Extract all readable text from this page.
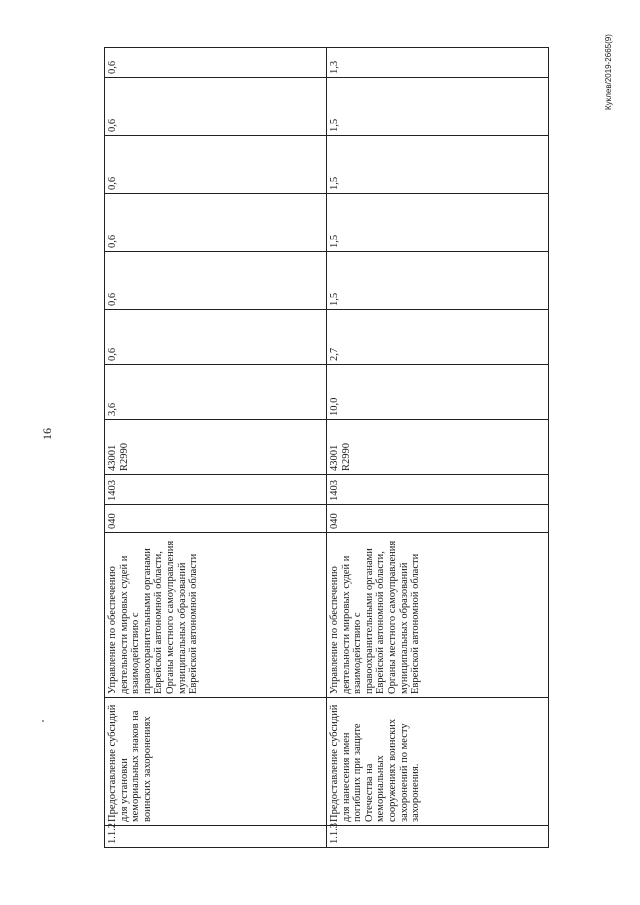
16
Куклев/2019-2665(9)
1.1.2	Предоставление субсидий для установки мемориальных знаков на воинских захоронениях	Управление по обеспечению деятельности мировых судей и взаимодействию с правоохранительными органами Еврейской автономной области, Органы местного самоуправления муниципальных образований Еврейской автономной области	040	1403	43001 R2990		3,6	0,6	0,6	0,6	0,6	0,6	0,6
1.1.3	Предоставление субсидий для нанесения имен погибших при защите Отечества на мемориальных сооружениях воинских захоронений по месту захоронения.	Управление по обеспечению деятельности мировых судей и взаимодействию с правоохранительными органами Еврейской автономной области, Органы местного самоуправления муниципальных образований Еврейской автономной области	040	1403	43001 R2990		10,0	2,7	1,5	1,5	1,5	1,5	1,3
